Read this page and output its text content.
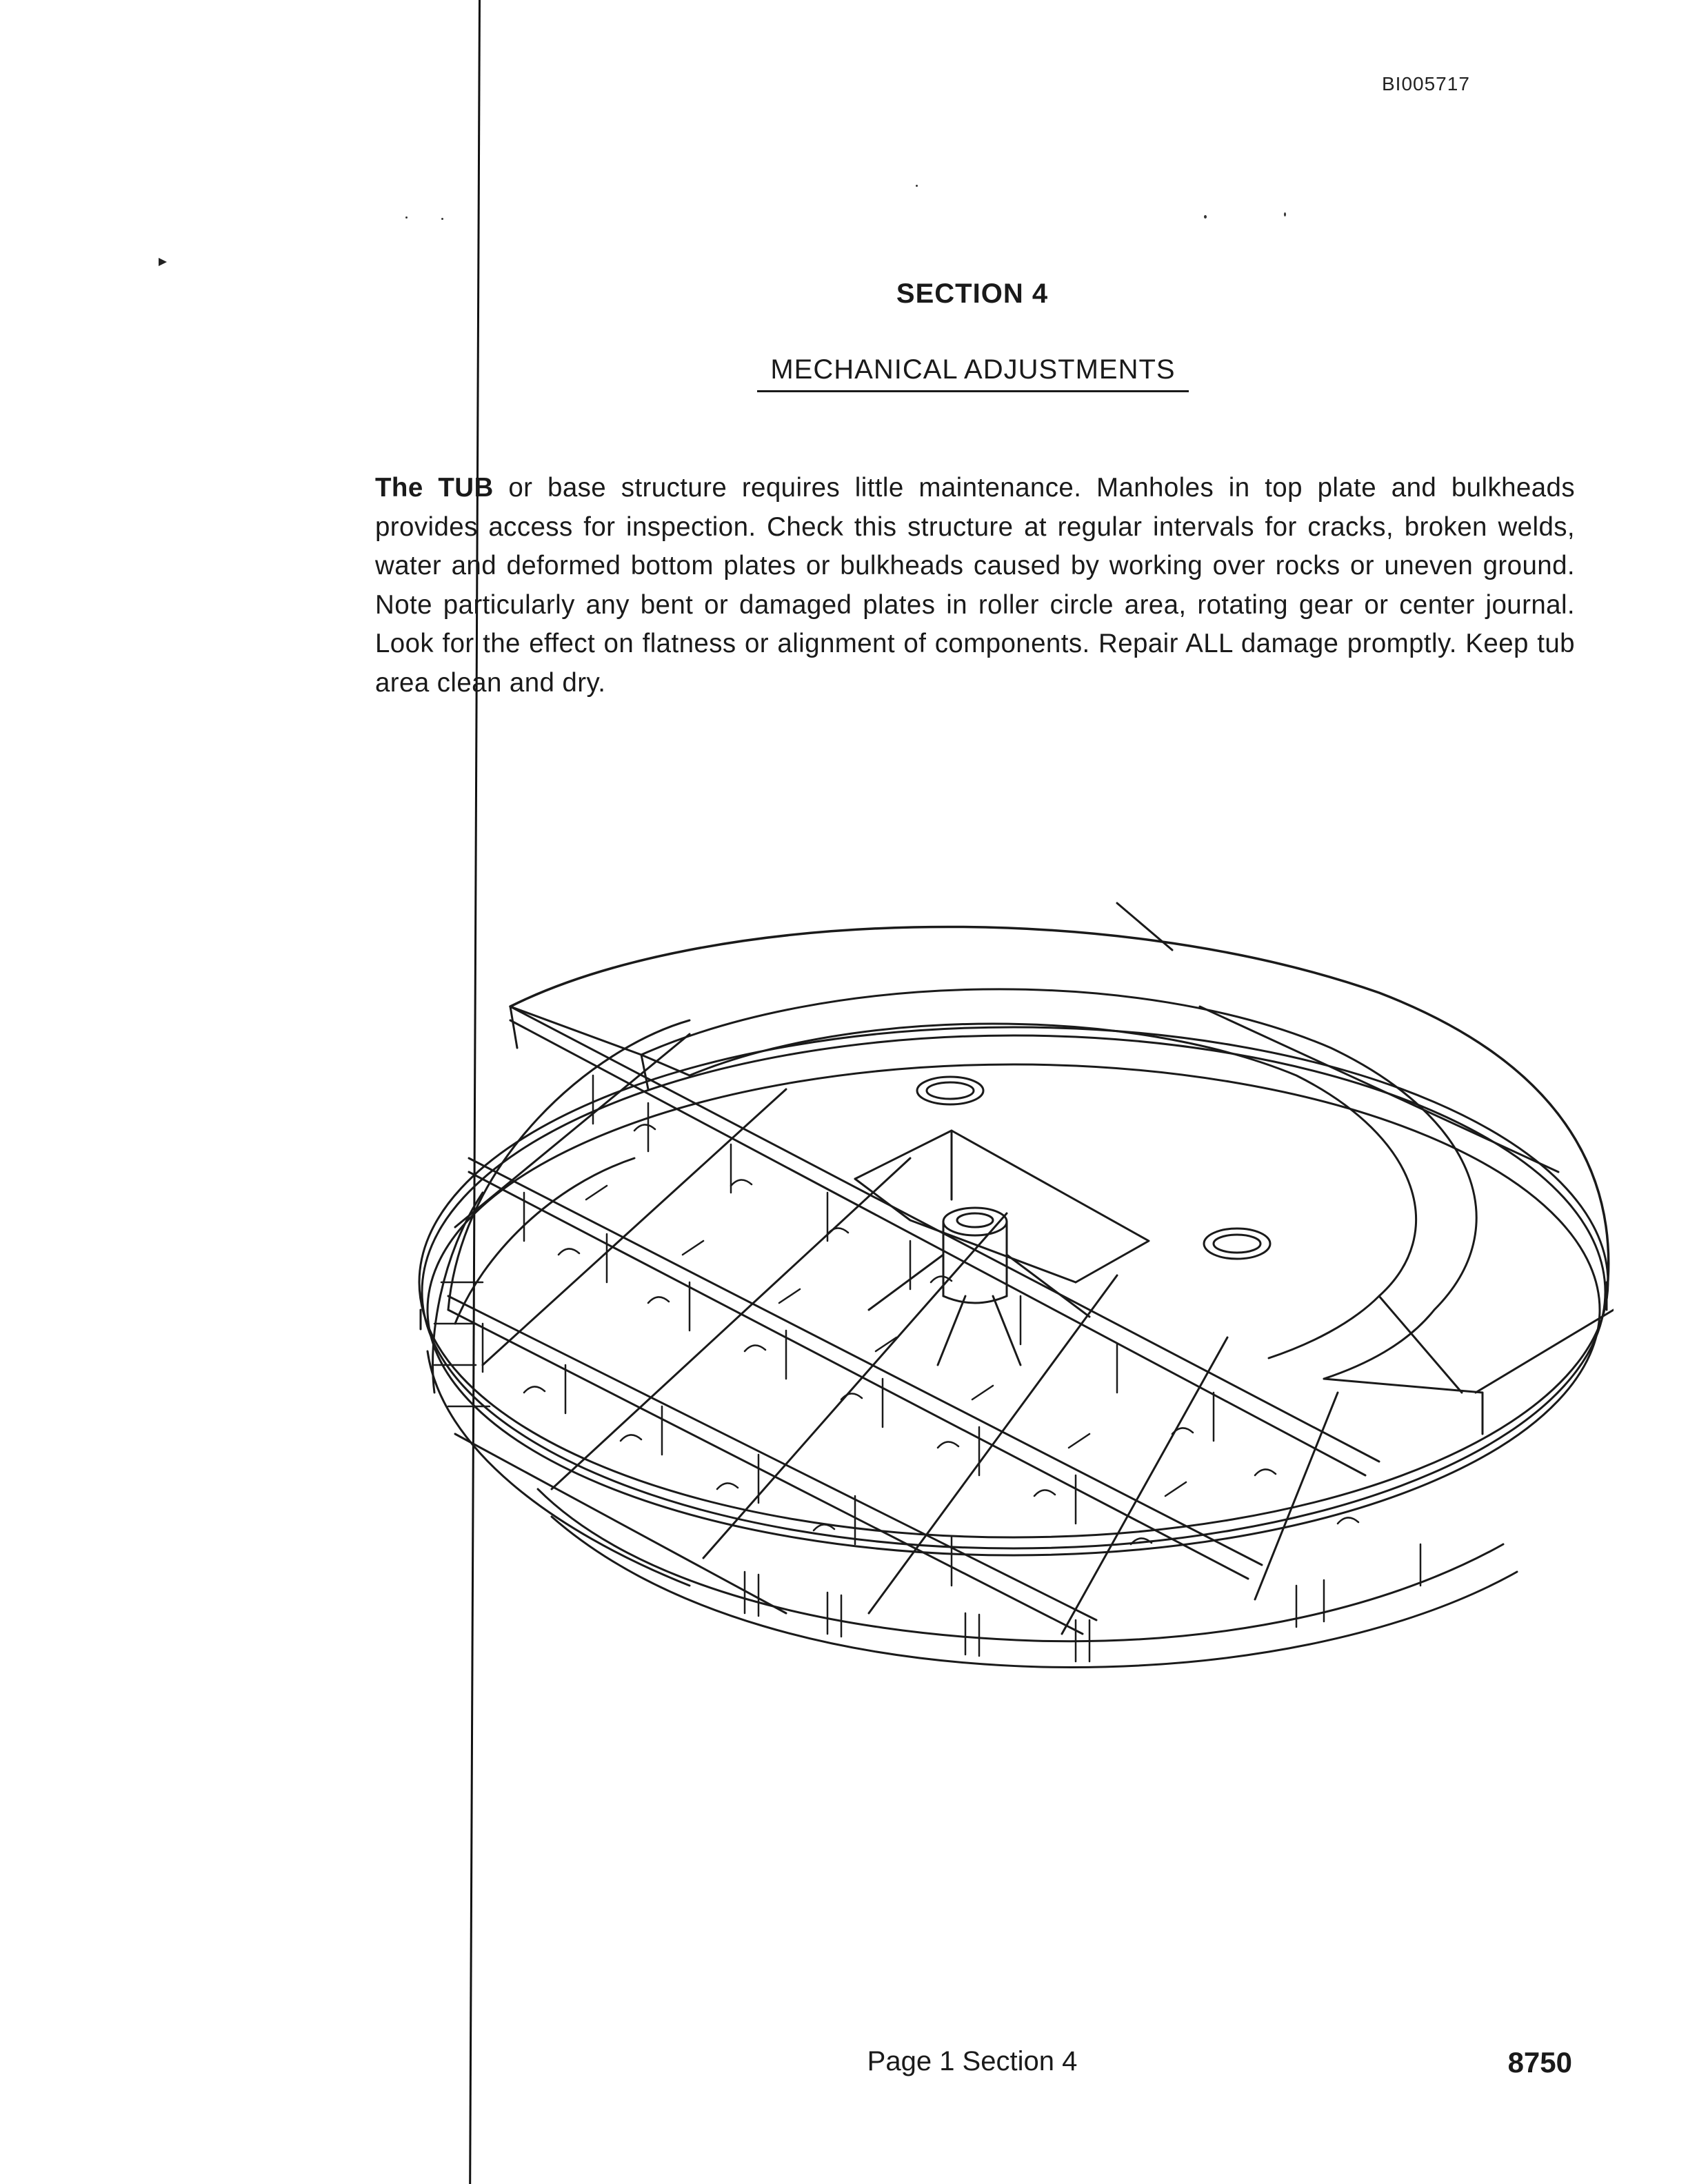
BI005717
SECTION 4
MECHANICAL ADJUSTMENTS
The TUB or base structure requires little maintenance. Manholes in top plate and bulkheads provides access for inspection. Check this structure at regular intervals for cracks, broken welds, water and deformed bottom plates or bulkheads caused by working over rocks or uneven ground. Note particularly any bent or damaged plates in roller circle area, rotating gear or center journal. Look for the effect on flatness or alignment of components. Repair ALL damage promptly. Keep tub area clean and dry.
Page 1 Section 4	8750
